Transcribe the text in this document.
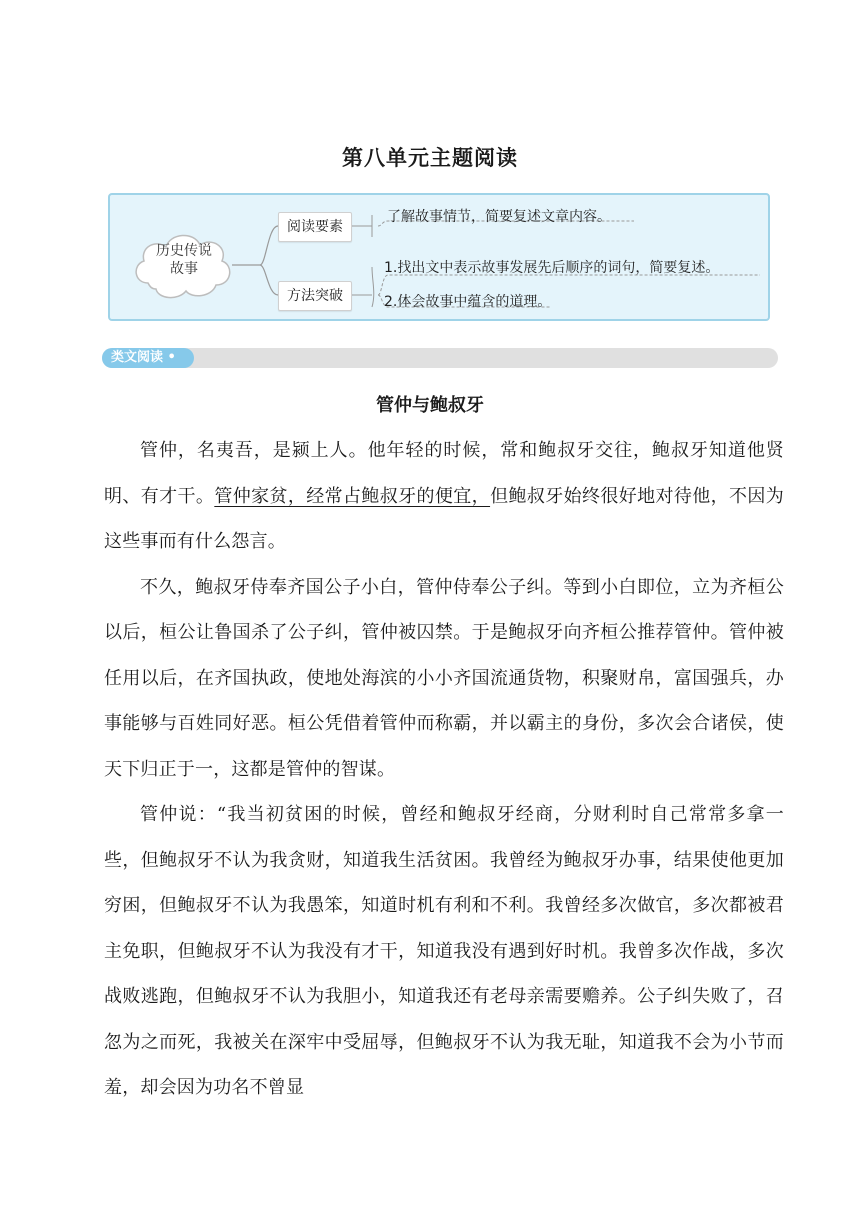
第八单元主题阅读
历史传说
故事
阅读要素
方法突破
了解故事情节，简要复述文章内容。
1.找出文中表示故事发展先后顺序的词句，简要复述。
2.体会故事中蕴含的道理。
类文阅读 •
管仲与鲍叔牙

管仲，名夷吾，是颍上人。他年轻的时候，常和鲍叔牙交往，鲍叔牙知道他贤明、有才干。管仲家贫，经常占鲍叔牙的便宜，但鲍叔牙始终很好地对待他，不因为这些事而有什么怨言。

不久，鲍叔牙侍奉齐国公子小白，管仲侍奉公子纠。等到小白即位，立为齐桓公以后，桓公让鲁国杀了公子纠，管仲被囚禁。于是鲍叔牙向齐桓公推荐管仲。管仲被任用以后，在齐国执政，使地处海滨的小小齐国流通货物，积聚财帛，富国强兵，办事能够与百姓同好恶。桓公凭借着管仲而称霸，并以霸主的身份，多次会合诸侯，使天下归正于一，这都是管仲的智谋。

管仲说：“我当初贫困的时候，曾经和鲍叔牙经商，分财利时自己常常多拿一些，但鲍叔牙不认为我贪财，知道我生活贫困。我曾经为鲍叔牙办事，结果使他更加穷困，但鲍叔牙不认为我愚笨，知道时机有利和不利。我曾经多次做官，多次都被君主免职，但鲍叔牙不认为我没有才干，知道我没有遇到好时机。我曾多次作战，多次战败逃跑，但鲍叔牙不认为我胆小，知道我还有老母亲需要赡养。公子纠失败了，召忽为之而死，我被关在深牢中受屈辱，但鲍叔牙不认为我无耻，知道我不会为小节而羞，却会因为功名不曾显
